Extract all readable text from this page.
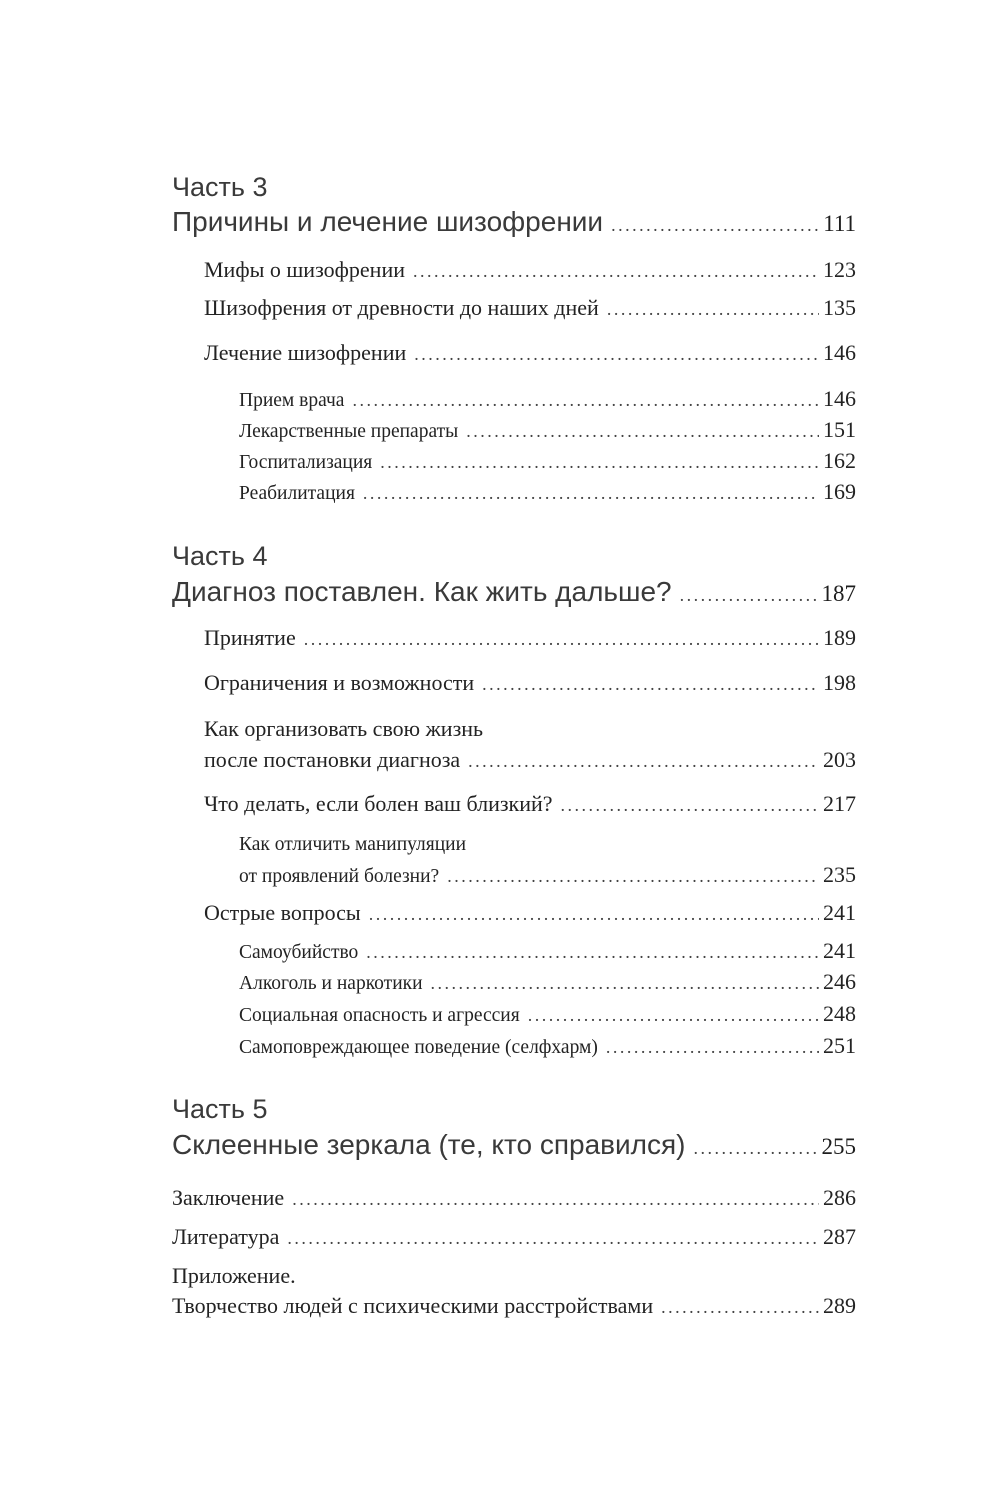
Часть 3
Причины и лечение шизофрении . . .	111
Мифы о шизофрении . . .	123
Шизофрения от древности до наших дней . . .	135
Лечение шизофрении . . .	146
Прием врача . . .	146
Лекарственные препараты . . .	151
Госпитализация . . .	162
Реабилитация . . .	169
Часть 4
Диагноз поставлен. Как жить дальше? . . .	187
Принятие . . .	189
Ограничения и возможности . . .	198
Как организовать свою жизнь
после постановки диагноза . . .	203
Что делать, если болен ваш близкий? . . .	217
Как отличить манипуляции
от проявлений болезни? . . .	235
Острые вопросы . . .	241
Самоубийство . . .	241
Алкоголь и наркотики . . .	246
Социальная опасность и агрессия . . .	248
Самоповреждающее поведение (селфхарм) . . .	251
Часть 5
Склеенные зеркала (те, кто справился) . . .	255
Заключение . . .	286
Литература . . .	287
Приложение.
Творчество людей с психическими расстройствами . . .	289
